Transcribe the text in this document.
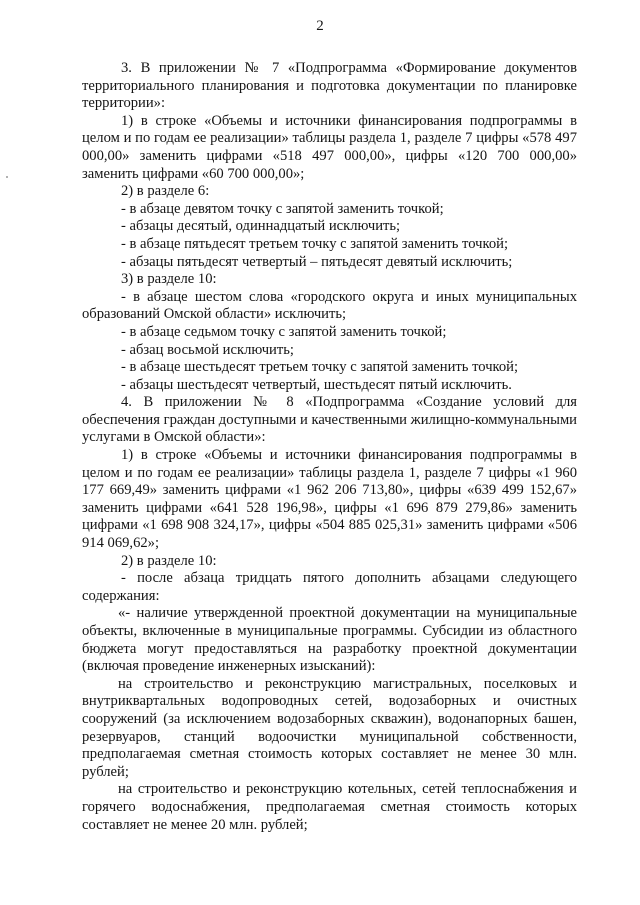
2

3. В приложении № 7 «Подпрограмма «Формирование документов территориального планирования и подготовка документации по планировке территории»:

1) в строке «Объемы и источники финансирования подпрограммы в целом и по годам ее реализации» таблицы раздела 1, разделе 7 цифры «578 497 000,00» заменить цифрами «518 497 000,00», цифры «120 700 000,00» заменить цифрами «60 700 000,00»;

2) в разделе 6:

- в абзаце девятом точку с запятой заменить точкой;

- абзацы десятый, одиннадцатый исключить;

- в абзаце пятьдесят третьем точку с запятой заменить точкой;

- абзацы пятьдесят четвертый – пятьдесят девятый исключить;

3) в разделе 10:

- в абзаце шестом слова «городского округа и иных муниципальных образований Омской области» исключить;

- в абзаце седьмом точку с запятой заменить точкой;

- абзац восьмой исключить;

- в абзаце шестьдесят третьем точку с запятой заменить точкой;

- абзацы шестьдесят четвертый, шестьдесят пятый исключить.

4. В приложении № 8 «Подпрограмма «Создание условий для обеспечения граждан доступными и качественными жилищно-коммунальными услугами в Омской области»:

1) в строке «Объемы и источники финансирования подпрограммы в целом и по годам ее реализации» таблицы раздела 1, разделе 7 цифры «1 960 177 669,49» заменить цифрами «1 962 206 713,80», цифры «639 499 152,67» заменить цифрами «641 528 196,98», цифры «1 696 879 279,86» заменить цифрами «1 698 908 324,17», цифры «504 885 025,31» заменить цифрами «506 914 069,62»;

2) в разделе 10:

- после абзаца тридцать пятого дополнить абзацами следующего содержания:

«- наличие утвержденной проектной документации на муниципальные объекты, включенные в муниципальные программы. Субсидии из областного бюджета могут предоставляться на разработку проектной документации (включая проведение инженерных изысканий):

на строительство и реконструкцию магистральных, поселковых и внутриквартальных водопроводных сетей, водозаборных и очистных сооружений (за исключением водозаборных скважин), водонапорных башен, резервуаров, станций водоочистки муниципальной собственности, предполагаемая сметная стоимость которых составляет не менее 30 млн. рублей;

на строительство и реконструкцию котельных, сетей теплоснабжения и горячего водоснабжения, предполагаемая сметная стоимость которых составляет не менее 20 млн. рублей;
